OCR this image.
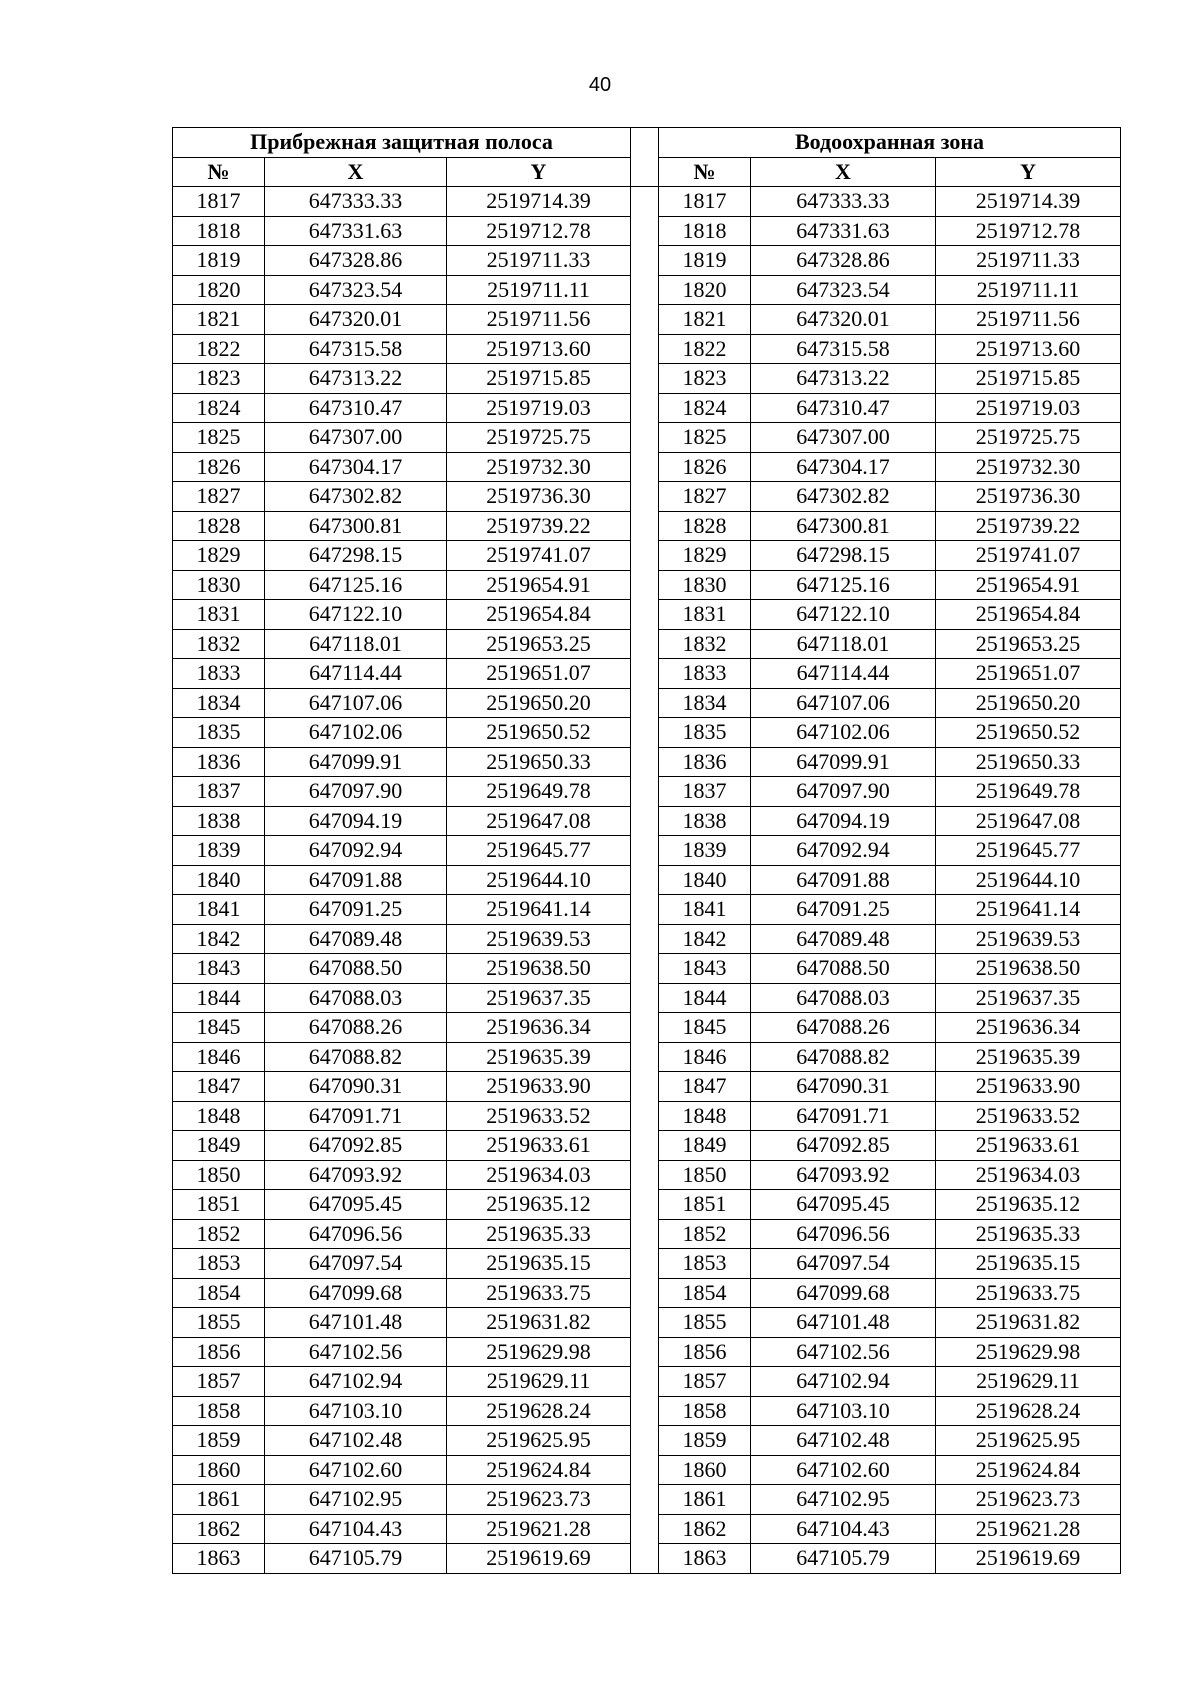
40
Прибрежная защитная полоса				Водоохранная зона		
№	X	Y		№	X	Y
1817	647333.33	2519714.39		1817	647333.33	2519714.39
1818	647331.63	2519712.78		1818	647331.63	2519712.78
1819	647328.86	2519711.33		1819	647328.86	2519711.33
1820	647323.54	2519711.11		1820	647323.54	2519711.11
1821	647320.01	2519711.56		1821	647320.01	2519711.56
1822	647315.58	2519713.60		1822	647315.58	2519713.60
1823	647313.22	2519715.85		1823	647313.22	2519715.85
1824	647310.47	2519719.03		1824	647310.47	2519719.03
1825	647307.00	2519725.75		1825	647307.00	2519725.75
1826	647304.17	2519732.30		1826	647304.17	2519732.30
1827	647302.82	2519736.30		1827	647302.82	2519736.30
1828	647300.81	2519739.22		1828	647300.81	2519739.22
1829	647298.15	2519741.07		1829	647298.15	2519741.07
1830	647125.16	2519654.91		1830	647125.16	2519654.91
1831	647122.10	2519654.84		1831	647122.10	2519654.84
1832	647118.01	2519653.25		1832	647118.01	2519653.25
1833	647114.44	2519651.07		1833	647114.44	2519651.07
1834	647107.06	2519650.20		1834	647107.06	2519650.20
1835	647102.06	2519650.52		1835	647102.06	2519650.52
1836	647099.91	2519650.33		1836	647099.91	2519650.33
1837	647097.90	2519649.78		1837	647097.90	2519649.78
1838	647094.19	2519647.08		1838	647094.19	2519647.08
1839	647092.94	2519645.77		1839	647092.94	2519645.77
1840	647091.88	2519644.10		1840	647091.88	2519644.10
1841	647091.25	2519641.14		1841	647091.25	2519641.14
1842	647089.48	2519639.53		1842	647089.48	2519639.53
1843	647088.50	2519638.50		1843	647088.50	2519638.50
1844	647088.03	2519637.35		1844	647088.03	2519637.35
1845	647088.26	2519636.34		1845	647088.26	2519636.34
1846	647088.82	2519635.39		1846	647088.82	2519635.39
1847	647090.31	2519633.90		1847	647090.31	2519633.90
1848	647091.71	2519633.52		1848	647091.71	2519633.52
1849	647092.85	2519633.61		1849	647092.85	2519633.61
1850	647093.92	2519634.03		1850	647093.92	2519634.03
1851	647095.45	2519635.12		1851	647095.45	2519635.12
1852	647096.56	2519635.33		1852	647096.56	2519635.33
1853	647097.54	2519635.15		1853	647097.54	2519635.15
1854	647099.68	2519633.75		1854	647099.68	2519633.75
1855	647101.48	2519631.82		1855	647101.48	2519631.82
1856	647102.56	2519629.98		1856	647102.56	2519629.98
1857	647102.94	2519629.11		1857	647102.94	2519629.11
1858	647103.10	2519628.24		1858	647103.10	2519628.24
1859	647102.48	2519625.95		1859	647102.48	2519625.95
1860	647102.60	2519624.84		1860	647102.60	2519624.84
1861	647102.95	2519623.73		1861	647102.95	2519623.73
1862	647104.43	2519621.28		1862	647104.43	2519621.28
1863	647105.79	2519619.69		1863	647105.79	2519619.69
